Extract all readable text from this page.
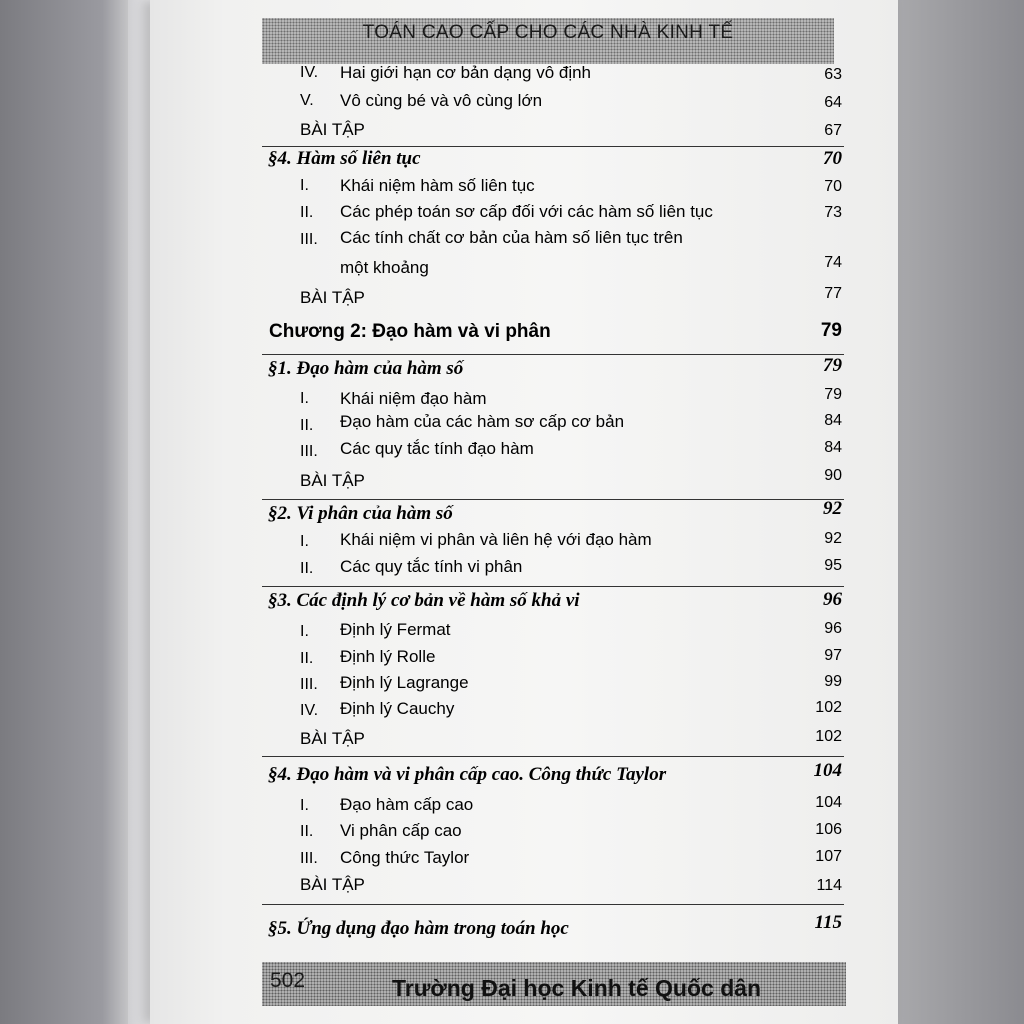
TOÁN CAO CẤP CHO CÁC NHÀ KINH TẾ
IV. Hai giới hạn cơ bản dạng vô định	63
V. Vô cùng bé và vô cùng lớn	64
BÀI TẬP	67
§4. Hàm số liên tục	70
I. Khái niệm hàm số liên tục	70
II. Các phép toán sơ cấp đối với các hàm số liên tục	73
III. Các tính chất cơ bản của hàm số liên tục trên
một khoảng	74
BÀI TẬP	77
Chương 2: Đạo hàm và vi phân	79
§1. Đạo hàm của hàm số	79
I. Khái niệm đạo hàm	79
II. Đạo hàm của các hàm sơ cấp cơ bản	84
III. Các quy tắc tính đạo hàm	84
BÀI TẬP	90
§2. Vi phân của hàm số	92
I. Khái niệm vi phân và liên hệ với đạo hàm	92
II. Các quy tắc tính vi phân	95
§3. Các định lý cơ bản về hàm số khả vi	96
I. Định lý Fermat	96
II. Định lý Rolle	97
III. Định lý Lagrange	99
IV. Định lý Cauchy	102
BÀI TẬP	102
§4. Đạo hàm và vi phân cấp cao. Công thức Taylor	104
I. Đạo hàm cấp cao	104
II. Vi phân cấp cao	106
III. Công thức Taylor	107
BÀI TẬP	114
§5. Ứng dụng đạo hàm trong toán học	115
502	Trường Đại học Kinh tế Quốc dân
